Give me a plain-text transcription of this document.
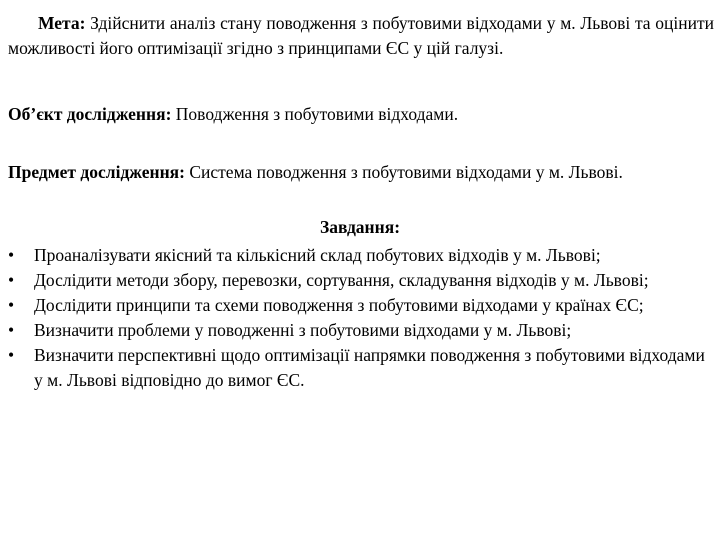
Мета: Здійснити аналіз стану поводження з побутовими відходами у м. Львові та оцінити можливості його оптимізації згідно з принципами ЄС у цій галузі.

Об’єкт дослідження: Поводження з побутовими відходами.

Предмет дослідження: Система поводження з побутовими відходами у м. Львові.

Завдання:

•	Проаналізувати якісний та кількісний склад побутових відходів у м. Львові;
•	Дослідити методи збору, перевозки, сортування, складування відходів у м. Львові;
•	Дослідити принципи та схеми поводження з побутовими відходами у країнах ЄС;
•	Визначити проблеми у поводженні з побутовими відходами у м. Львові;
•	Визначити перспективні щодо оптимізації напрямки поводження з побутовими відходами у м. Львові відповідно до вимог ЄС.
